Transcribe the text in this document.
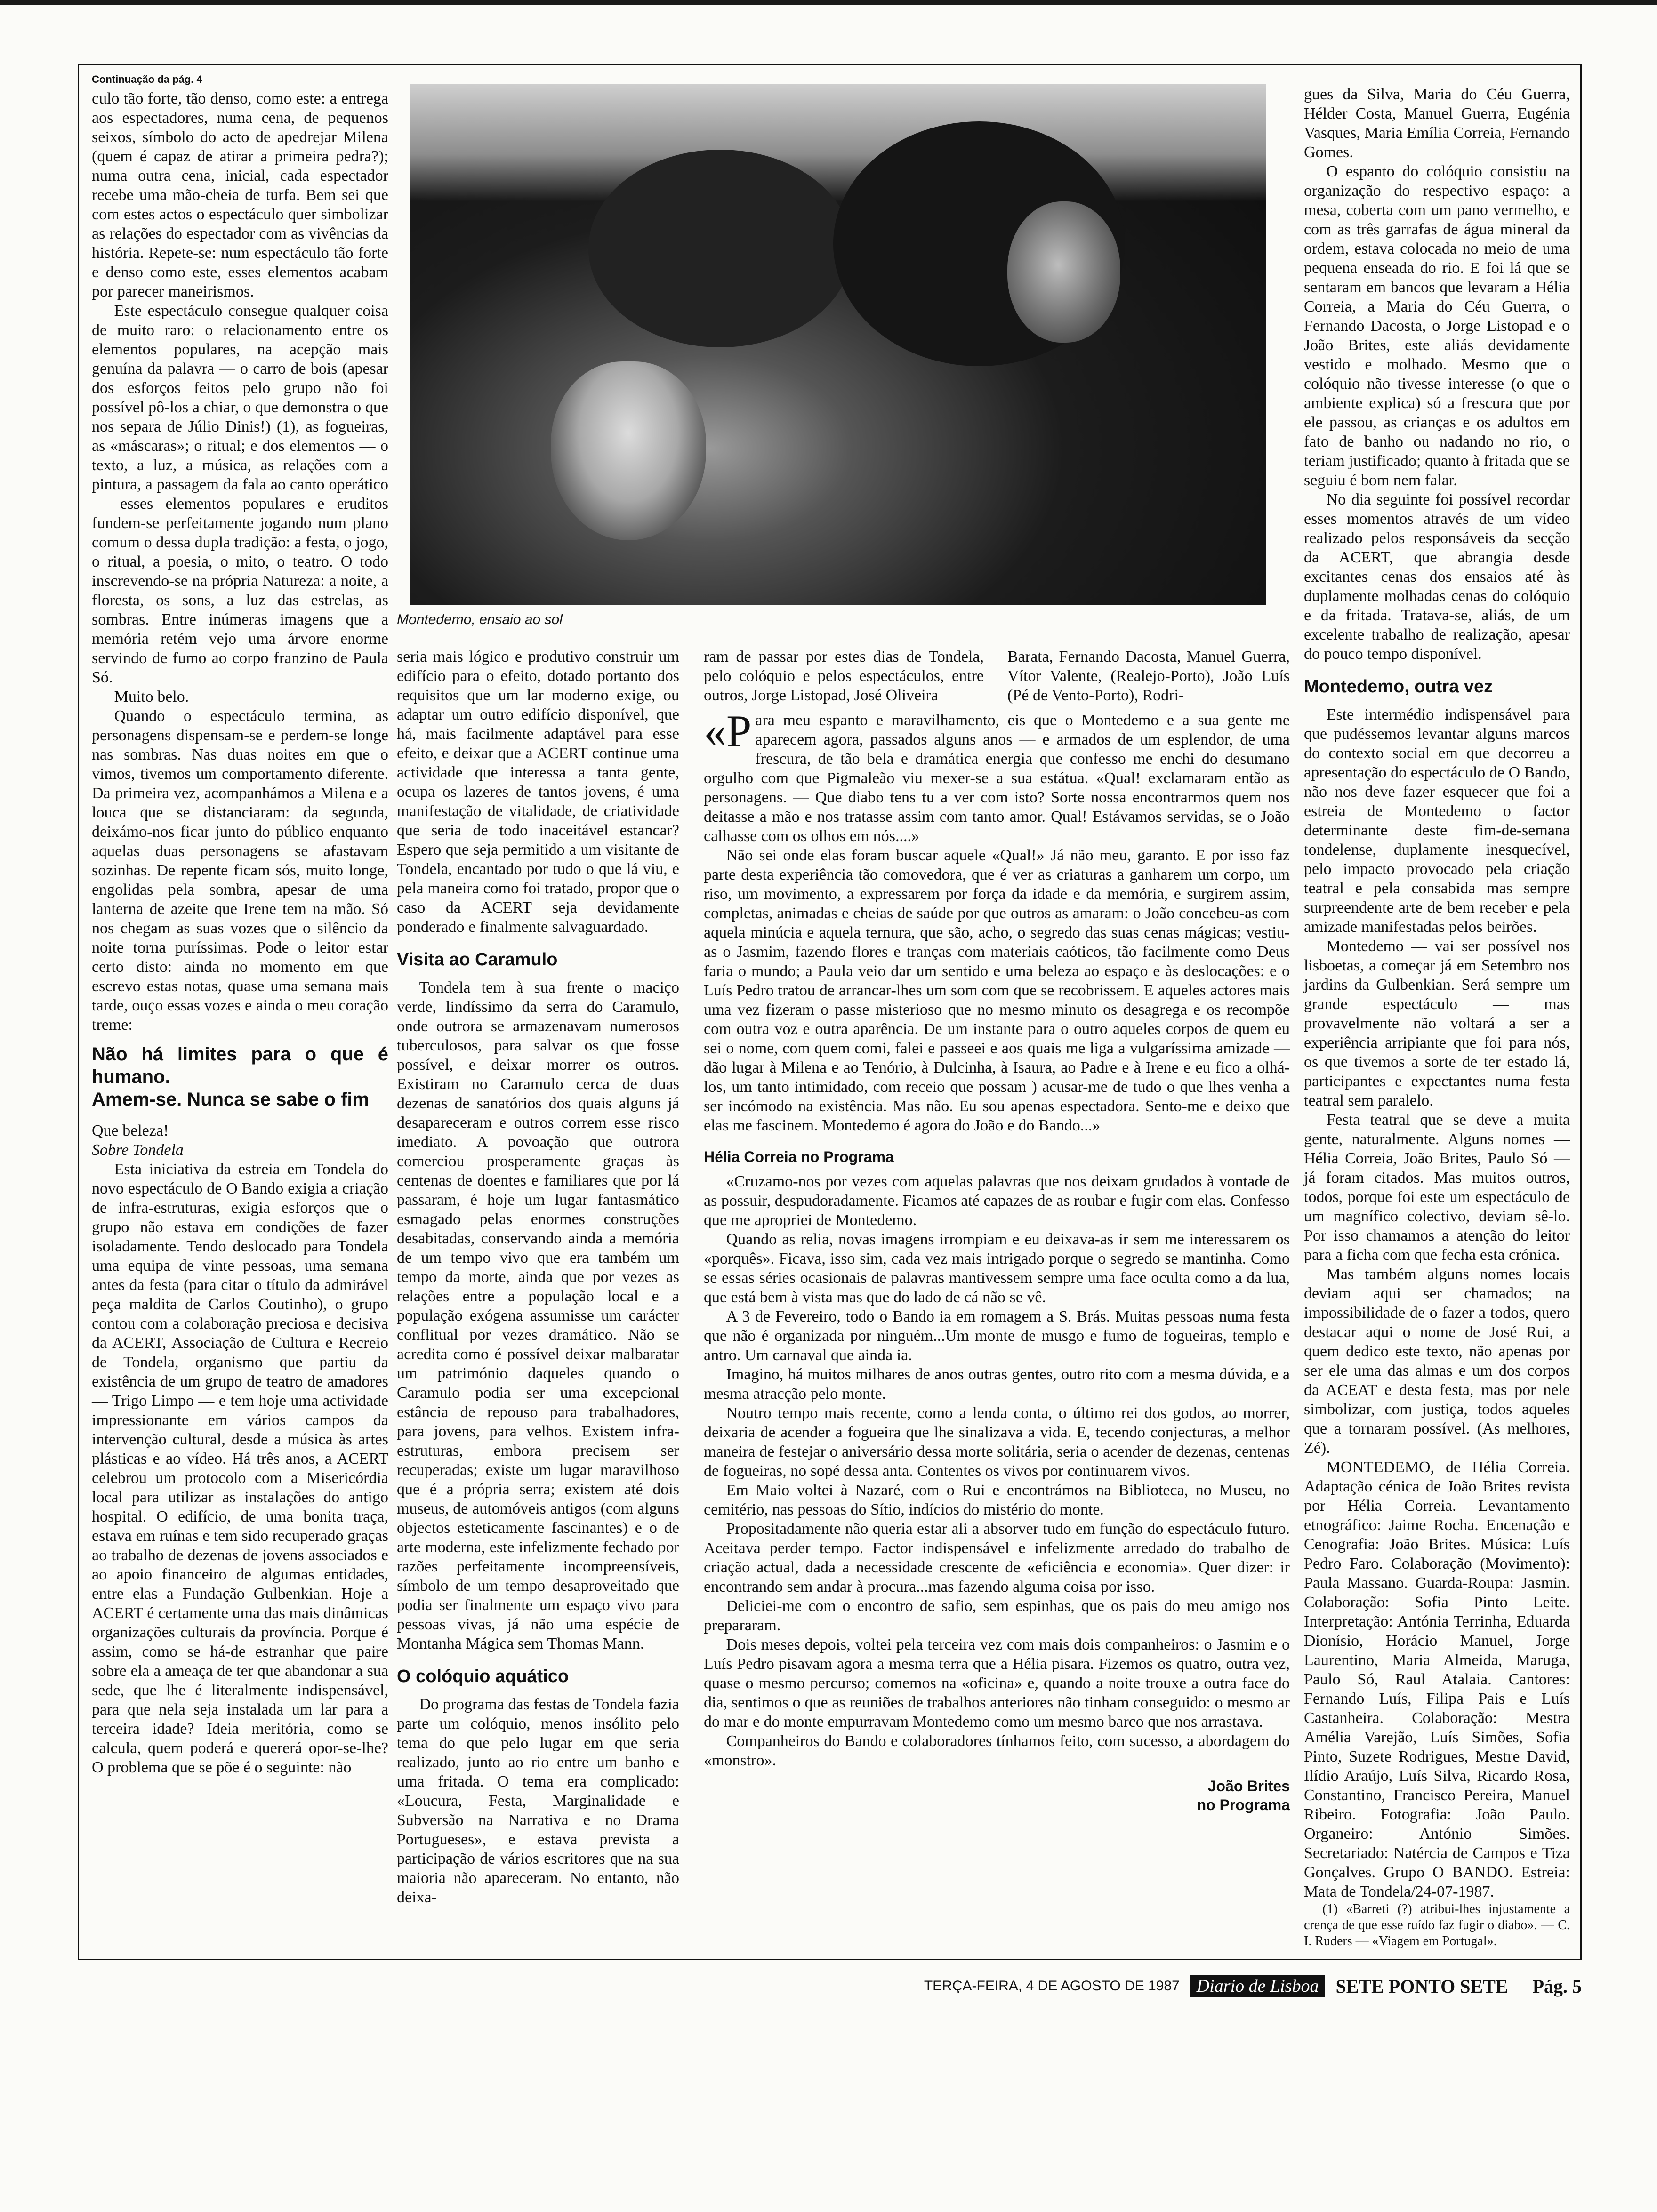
Continuação da pág. 4

culo tão forte, tão denso, como este: a entrega aos espectadores, numa cena, de pequenos seixos, símbolo do acto de apedrejar Milena (quem é capaz de atirar a primeira pedra?); numa outra cena, inicial, cada espectador recebe uma mão-cheia de turfa. Bem sei que com estes actos o espectáculo quer simbolizar as relações do espectador com as vivências da história. Repete-se: num espectáculo tão forte e denso como este, esses elementos acabam por parecer maneirismos.

Este espectáculo consegue qualquer coisa de muito raro: o relacionamento entre os elementos populares, na acepção mais genuína da palavra — o carro de bois (apesar dos esforços feitos pelo grupo não foi possível pô-los a chiar, o que demonstra o que nos separa de Júlio Dinis!) (1), as fogueiras, as «máscaras»; o ritual; e dos elementos — o texto, a luz, a música, as relações com a pintura, a passagem da fala ao canto operático — esses elementos populares e eruditos fundem-se perfeitamente jogando num plano comum o dessa dupla tradição: a festa, o jogo, o ritual, a poesia, o mito, o teatro. O todo inscrevendo-se na própria Natureza: a noite, a floresta, os sons, a luz das estrelas, as sombras. Entre inúmeras imagens que a memória retém vejo uma árvore enorme servindo de fumo ao corpo franzino de Paula Só.

Muito belo.

Quando o espectáculo termina, as personagens dispensam-se e perdem-se longe nas sombras. Nas duas noites em que o vimos, tivemos um comportamento diferente. Da primeira vez, acompanhámos a Milena e a louca que se distanciaram: da segunda, deixámo-nos ficar junto do público enquanto aquelas duas personagens se afastavam sozinhas. De repente ficam sós, muito longe, engolidas pela sombra, apesar de uma lanterna de azeite que Irene tem na mão. Só nos chegam as suas vozes que o silêncio da noite torna puríssimas. Pode o leitor estar certo disto: ainda no momento em que escrevo estas notas, quase uma semana mais tarde, ouço essas vozes e ainda o meu coração treme:

Não há limites para o que é humano.
Amem-se. Nunca se sabe o fim

Que beleza!

Sobre Tondela

Esta iniciativa da estreia em Tondela do novo espectáculo de O Bando exigia a criação de infra-estruturas, exigia esforços que o grupo não estava em condições de fazer isoladamente. Tendo deslocado para Tondela uma equipa de vinte pessoas, uma semana antes da festa (para citar o título da admirável peça maldita de Carlos Coutinho), o grupo contou com a colaboração preciosa e decisiva da ACERT, Associação de Cultura e Recreio de Tondela, organismo que partiu da existência de um grupo de teatro de amadores — Trigo Limpo — e tem hoje uma actividade impressionante em vários campos da intervenção cultural, desde a música às artes plásticas e ao vídeo. Há três anos, a ACERT celebrou um protocolo com a Misericórdia local para utilizar as instalações do antigo hospital. O edifício, de uma bonita traça, estava em ruínas e tem sido recuperado graças ao trabalho de dezenas de jovens associados e ao apoio financeiro de algumas entidades, entre elas a Fundação Gulbenkian. Hoje a ACERT é certamente uma das mais dinâmicas organizações culturais da província. Porque é assim, como se há-de estranhar que paire sobre ela a ameaça de ter que abandonar a sua sede, que lhe é literalmente indispensável, para que nela seja instalada um lar para a terceira idade? Ideia meritória, como se calcula, quem poderá e quererá opor-se-lhe? O problema que se põe é o seguinte: não

Montedemo, ensaio ao sol

seria mais lógico e produtivo construir um edifício para o efeito, dotado portanto dos requisitos que um lar moderno exige, ou adaptar um outro edifício disponível, que há, mais facilmente adaptável para esse efeito, e deixar que a ACERT continue uma actividade que interessa a tanta gente, ocupa os lazeres de tantos jovens, é uma manifestação de vitalidade, de criatividade que seria de todo inaceitável estancar? Espero que seja permitido a um visitante de Tondela, encantado por tudo o que lá viu, e pela maneira como foi tratado, propor que o caso da ACERT seja devidamente ponderado e finalmente salvaguardado.

Visita ao Caramulo

Tondela tem à sua frente o maciço verde, lindíssimo da serra do Caramulo, onde outrora se armazenavam numerosos tuberculosos, para salvar os que fosse possível, e deixar morrer os outros. Existiram no Caramulo cerca de duas dezenas de sanatórios dos quais alguns já desapareceram e outros correm esse risco imediato. A povoação que outrora comerciou prosperamente graças às centenas de doentes e familiares que por lá passaram, é hoje um lugar fantasmático esmagado pelas enormes construções desabitadas, conservando ainda a memória de um tempo vivo que era também um tempo da morte, ainda que por vezes as relações entre a população local e a população exógena assumisse um carácter conflitual por vezes dramático. Não se acredita como é possível deixar malbaratar um património daqueles quando o Caramulo podia ser uma excepcional estância de repouso para trabalhadores, para jovens, para velhos. Existem infra-estruturas, embora precisem ser recuperadas; existe um lugar maravilhoso que é a própria serra; existem até dois museus, de automóveis antigos (com alguns objectos esteticamente fascinantes) e o de arte moderna, este infelizmente fechado por razões perfeitamente incompreensíveis, símbolo de um tempo desaproveitado que podia ser finalmente um espaço vivo para pessoas vivas, já não uma espécie de Montanha Mágica sem Thomas Mann.

O colóquio aquático

Do programa das festas de Tondela fazia parte um colóquio, menos insólito pelo tema do que pelo lugar em que seria realizado, junto ao rio entre um banho e uma fritada. O tema era complicado: «Loucura, Festa, Marginalidade e Subversão na Narrativa e no Drama Portugueses», e estava prevista a participação de vários escritores que na sua maioria não apareceram. No entanto, não deixa-

ram de passar por estes dias de Tondela, pelo colóquio e pelos espectáculos, entre outros, Jorge Listopad, José Oliveira

Barata, Fernando Dacosta, Manuel Guerra, Vítor Valente, (Realejo-Porto), João Luís (Pé de Vento-Porto), Rodri-

«Para meu espanto e maravilhamento, eis que o Montedemo e a sua gente me aparecem agora, passados alguns anos — e armados de um esplendor, de uma frescura, de tão bela e dramática energia que confesso me enchi do desumano orgulho com que Pigmaleão viu mexer-se a sua estátua. «Qual! exclamaram então as personagens. — Que diabo tens tu a ver com isto? Sorte nossa encontrarmos quem nos deitasse a mão e nos tratasse assim com tanto amor. Qual! Estávamos servidas, se o João calhasse com os olhos em nós....»

Não sei onde elas foram buscar aquele «Qual!» Já não meu, garanto. E por isso faz parte desta experiência tão comovedora, que é ver as criaturas a ganharem um corpo, um riso, um movimento, a expressarem por força da idade e da memória, e surgirem assim, completas, animadas e cheias de saúde por que outros as amaram: o João concebeu-as com aquela minúcia e aquela ternura, que são, acho, o segredo das suas cenas mágicas; vestiu-as o Jasmim, fazendo flores e tranças com materiais caóticos, tão facilmente como Deus faria o mundo; a Paula veio dar um sentido e uma beleza ao espaço e às deslocações: e o Luís Pedro tratou de arrancar-lhes um som com que se recobrissem. E aqueles actores mais uma vez fizeram o passe misterioso que no mesmo minuto os desagrega e os recompõe com outra voz e outra aparência. De um instante para o outro aqueles corpos de quem eu sei o nome, com quem comi, falei e passeei e aos quais me liga a vulgaríssima amizade — dão lugar à Milena e ao Tenório, à Dulcinha, à Isaura, ao Padre e à Irene e eu fico a olhá-los, um tanto intimidado, com receio que possam ) acusar-me de tudo o que lhes venha a ser incómodo na existência. Mas não. Eu sou apenas espectadora. Sento-me e deixo que elas me fascinem. Montedemo é agora do João e do Bando...»

Hélia Correia no Programa

«Cruzamo-nos por vezes com aquelas palavras que nos deixam grudados à vontade de as possuir, despudoradamente. Ficamos até capazes de as roubar e fugir com elas. Confesso que me apropriei de Montedemo.

Quando as relia, novas imagens irrompiam e eu deixava-as ir sem me interessarem os «porquês». Ficava, isso sim, cada vez mais intrigado porque o segredo se mantinha. Como se essas séries ocasionais de palavras mantivessem sempre uma face oculta como a da lua, que está bem à vista mas que do lado de cá não se vê.

A 3 de Fevereiro, todo o Bando ia em romagem a S. Brás. Muitas pessoas numa festa que não é organizada por ninguém...Um monte de musgo e fumo de fogueiras, templo e antro. Um carnaval que ainda ia.

Imagino, há muitos milhares de anos outras gentes, outro rito com a mesma dúvida, e a mesma atracção pelo monte.

Noutro tempo mais recente, como a lenda conta, o último rei dos godos, ao morrer, deixaria de acender a fogueira que lhe sinalizava a vida. E, tecendo conjecturas, a melhor maneira de festejar o aniversário dessa morte solitária, seria o acender de dezenas, centenas de fogueiras, no sopé dessa anta. Contentes os vivos por continuarem vivos.

Em Maio voltei à Nazaré, com o Rui e encontrámos na Biblioteca, no Museu, no cemitério, nas pessoas do Sítio, indícios do mistério do monte.

Propositadamente não queria estar ali a absorver tudo em função do espectáculo futuro. Aceitava perder tempo. Factor indispensável e infelizmente arredado do trabalho de criação actual, dada a necessidade crescente de «eficiência e economia». Quer dizer: ir encontrando sem andar à procura...mas fazendo alguma coisa por isso.

Deliciei-me com o encontro de safio, sem espinhas, que os pais do meu amigo nos prepararam.

Dois meses depois, voltei pela terceira vez com mais dois companheiros: o Jasmim e o Luís Pedro pisavam agora a mesma terra que a Hélia pisara. Fizemos os quatro, outra vez, quase o mesmo percurso; comemos na «oficina» e, quando a noite trouxe a outra face do dia, sentimos o que as reuniões de trabalhos anteriores não tinham conseguido: o mesmo ar do mar e do monte empurravam Montedemo como um mesmo barco que nos arrastava.

Companheiros do Bando e colaboradores tínhamos feito, com sucesso, a abordagem do «monstro».

João Brites
no Programa

gues da Silva, Maria do Céu Guerra, Hélder Costa, Manuel Guerra, Eugénia Vasques, Maria Emília Correia, Fernando Gomes.

O espanto do colóquio consistiu na organização do respectivo espaço: a mesa, coberta com um pano vermelho, e com as três garrafas de água mineral da ordem, estava colocada no meio de uma pequena enseada do rio. E foi lá que se sentaram em bancos que levaram a Hélia Correia, a Maria do Céu Guerra, o Fernando Dacosta, o Jorge Listopad e o João Brites, este aliás devidamente vestido e molhado. Mesmo que o colóquio não tivesse interesse (o que o ambiente explica) só a frescura que por ele passou, as crianças e os adultos em fato de banho ou nadando no rio, o teriam justificado; quanto à fritada que se seguiu é bom nem falar.

No dia seguinte foi possível recordar esses momentos através de um vídeo realizado pelos responsáveis da secção da ACERT, que abrangia desde excitantes cenas dos ensaios até às duplamente molhadas cenas do colóquio e da fritada. Tratava-se, aliás, de um excelente trabalho de realização, apesar do pouco tempo disponível.

Montedemo, outra vez

Este intermédio indispensável para que pudéssemos levantar alguns marcos do contexto social em que decorreu a apresentação do espectáculo de O Bando, não nos deve fazer esquecer que foi a estreia de Montedemo o factor determinante deste fim-de-semana tondelense, duplamente inesquecível, pelo impacto provocado pela criação teatral e pela consabida mas sempre surpreendente arte de bem receber e pela amizade manifestadas pelos beirões.

Montedemo — vai ser possível nos lisboetas, a começar já em Setembro nos jardins da Gulbenkian. Será sempre um grande espectáculo — mas provavelmente não voltará a ser a experiência arripiante que foi para nós, os que tivemos a sorte de ter estado lá, participantes e expectantes numa festa teatral sem paralelo.

Festa teatral que se deve a muita gente, naturalmente. Alguns nomes — Hélia Correia, João Brites, Paulo Só — já foram citados. Mas muitos outros, todos, porque foi este um espectáculo de um magnífico colectivo, deviam sê-lo. Por isso chamamos a atenção do leitor para a ficha com que fecha esta crónica.

Mas também alguns nomes locais deviam aqui ser chamados; na impossibilidade de o fazer a todos, quero destacar aqui o nome de José Rui, a quem dedico este texto, não apenas por ser ele uma das almas e um dos corpos da ACEAT e desta festa, mas por nele simbolizar, com justiça, todos aqueles que a tornaram possível. (As melhores, Zé).

MONTEDEMO, de Hélia Correia. Adaptação cénica de João Brites revista por Hélia Correia. Levantamento etnográfico: Jaime Rocha. Encenação e Cenografia: João Brites. Música: Luís Pedro Faro. Colaboração (Movimento): Paula Massano. Guarda-Roupa: Jasmin. Colaboração: Sofia Pinto Leite. Interpretação: Antónia Terrinha, Eduarda Dionísio, Horácio Manuel, Jorge Laurentino, Maria Almeida, Maruga, Paulo Só, Raul Atalaia. Cantores: Fernando Luís, Filipa Pais e Luís Castanheira. Colaboração: Mestra Amélia Varejão, Luís Simões, Sofia Pinto, Suzete Rodrigues, Mestre David, Ilídio Araújo, Luís Silva, Ricardo Rosa, Constantino, Francisco Pereira, Manuel Ribeiro. Fotografia: João Paulo. Organeiro: António Simões. Secretariado: Natércia de Campos e Tiza Gonçalves. Grupo O BANDO. Estreia: Mata de Tondela/24-07-1987.

(1) «Barreti (?) atribui-lhes injustamente a crença de que esse ruído faz fugir o diabo». — C. I. Ruders — «Viagem em Portugal».

TERÇA-FEIRA, 4 DE AGOSTO DE 1987 Diario de Lisboa SETE PONTO SETE Pág. 5
